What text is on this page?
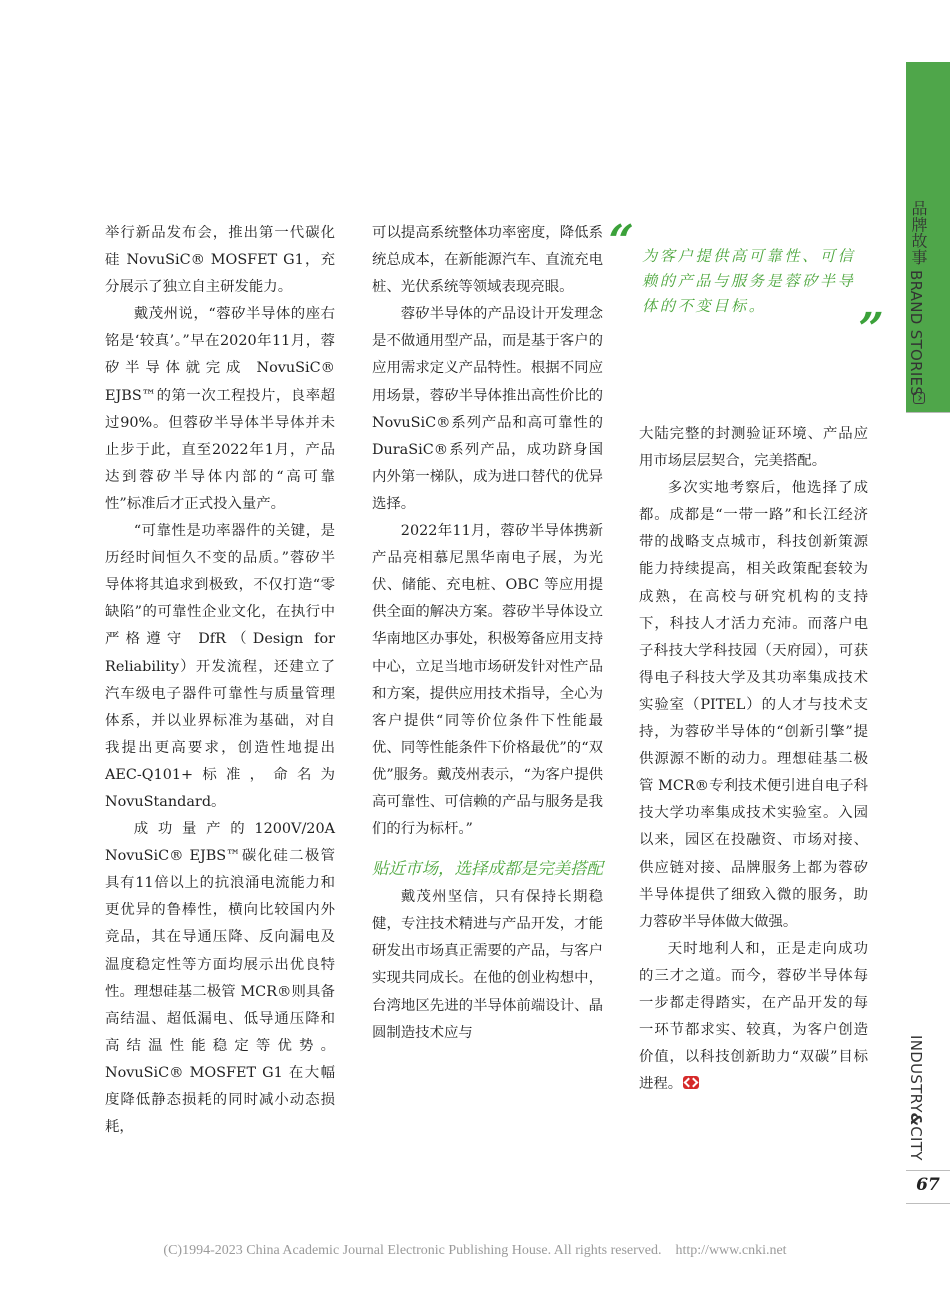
举行新品发布会，推出第一代碳化硅 NovuSiC® MOSFET G1，充分展示了独立自主研发能力。

戴茂州说，“蓉矽半导体的座右铭是‘较真’。”早在2020年11月，蓉矽半导体就完成 NovuSiC® EJBS™的第一次工程投片，良率超过90%。但蓉矽半导体半导体并未止步于此，直至2022年1月，产品达到蓉矽半导体内部的“高可靠性”标准后才正式投入量产。

“可靠性是功率器件的关键，是历经时间恒久不变的品质。”蓉矽半导体将其追求到极致，不仅打造“零缺陷”的可靠性企业文化，在执行中严格遵守 DfR（Design for Reliability）开发流程，还建立了汽车级电子器件可靠性与质量管理体系，并以业界标准为基础，对自我提出更高要求，创造性地提出 AEC-Q101+标准，命名为 NovuStandard。

成功量产的1200V/20A NovuSiC® EJBS™碳化硅二极管具有11倍以上的抗浪涌电流能力和更优异的鲁棒性，横向比较国内外竞品，其在导通压降、反向漏电及温度稳定性等方面均展示出优良特性。理想硅基二极管 MCR®则具备高结温、超低漏电、低导通压降和高结温性能稳定等优势。NovuSiC® MOSFET G1 在大幅度降低静态损耗的同时减小动态损耗，

可以提高系统整体功率密度，降低系统总成本，在新能源汽车、直流充电桩、光伏系统等领域表现亮眼。

蓉矽半导体的产品设计开发理念是不做通用型产品，而是基于客户的应用需求定义产品特性。根据不同应用场景，蓉矽半导体推出高性价比的 NovuSiC®系列产品和高可靠性的 DuraSiC®系列产品，成功跻身国内外第一梯队，成为进口替代的优异选择。

2022年11月，蓉矽半导体携新产品亮相慕尼黑华南电子展，为光伏、储能、充电桩、OBC 等应用提供全面的解决方案。蓉矽半导体设立华南地区办事处，积极筹备应用支持中心，立足当地市场研发针对性产品和方案，提供应用技术指导，全心为客户提供“同等价位条件下性能最优、同等性能条件下价格最优”的“双优”服务。戴茂州表示，“为客户提供高可靠性、可信赖的产品与服务是我们的行为标杆。”

贴近市场，选择成都是完美搭配

戴茂州坚信，只有保持长期稳健，专注技术精进与产品开发，才能研发出市场真正需要的产品，与客户实现共同成长。在他的创业构想中，台湾地区先进的半导体前端设计、晶圆制造技术应与

“ 为客户提供高可靠性、可信赖的产品与服务是蓉矽半导体的不变目标。	”

大陆完整的封测验证环境、产品应用市场层层契合，完美搭配。

多次实地考察后，他选择了成都。成都是“一带一路”和长江经济带的战略支点城市，科技创新策源能力持续提高，相关政策配套较为成熟，在高校与研究机构的支持下，科技人才活力充沛。而落户电子科技大学科技园（天府园），可获得电子科技大学及其功率集成技术实验室（PITEL）的人才与技术支持，为蓉矽半导体的“创新引擎”提供源源不断的动力。理想硅基二极管 MCR®专利技术便引进自电子科技大学功率集成技术实验室。入园以来，园区在投融资、市场对接、供应链对接、品牌服务上都为蓉矽半导体提供了细致入微的服务，助力蓉矽半导体做大做强。

天时地利人和，正是走向成功的三才之道。而今，蓉矽半导体每一步都走得踏实，在产品开发的每一环节都求实、较真，为客户创造价值，以科技创新助力“双碳”目标进程。

品牌故事
BRAND STORIES
INDUSTRY&CITY
67
(C)1994-2023 China Academic Journal Electronic Publishing House. All rights reserved.    http://www.cnki.net
